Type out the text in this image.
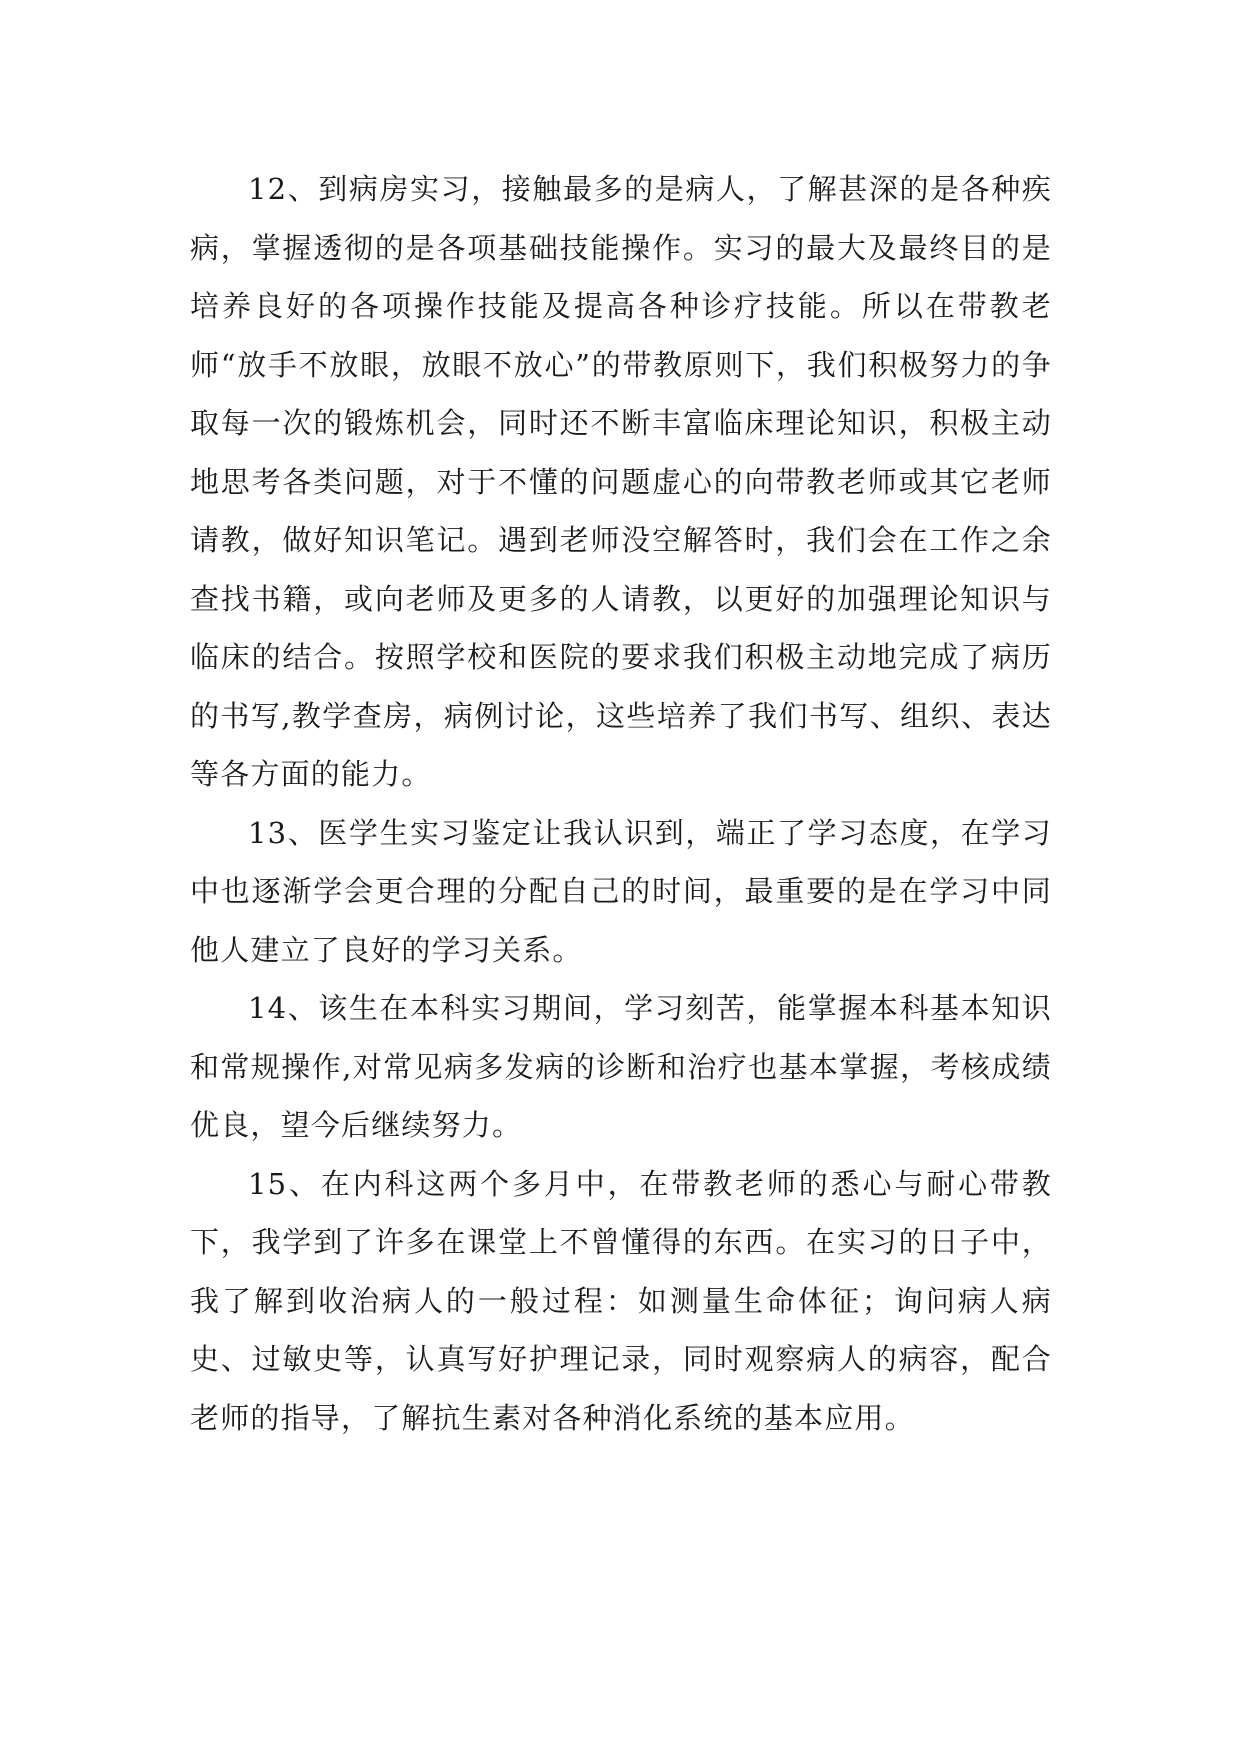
12、到病房实习，接触最多的是病人，了解甚深的是各种疾病，掌握透彻的是各项基础技能操作。实习的最大及最终目的是培养良好的各项操作技能及提高各种诊疗技能。所以在带教老师“放手不放眼，放眼不放心”的带教原则下，我们积极努力的争取每一次的锻炼机会，同时还不断丰富临床理论知识，积极主动地思考各类问题，对于不懂的问题虚心的向带教老师或其它老师请教，做好知识笔记。遇到老师没空解答时，我们会在工作之余查找书籍，或向老师及更多的人请教，以更好的加强理论知识与临床的结合。按照学校和医院的要求我们积极主动地完成了病历的书写,教学查房，病例讨论，这些培养了我们书写、组织、表达等各方面的能力。

13、医学生实习鉴定让我认识到，端正了学习态度，在学习中也逐渐学会更合理的分配自己的时间，最重要的是在学习中同他人建立了良好的学习关系。

14、该生在本科实习期间，学习刻苦，能掌握本科基本知识和常规操作,对常见病多发病的诊断和治疗也基本掌握，考核成绩优良，望今后继续努力。

15、在内科这两个多月中，在带教老师的悉心与耐心带教下，我学到了许多在课堂上不曾懂得的东西。在实习的日子中，我了解到收治病人的一般过程：如测量生命体征；询问病人病史、过敏史等，认真写好护理记录，同时观察病人的病容，配合老师的指导，了解抗生素对各种消化系统的基本应用。
